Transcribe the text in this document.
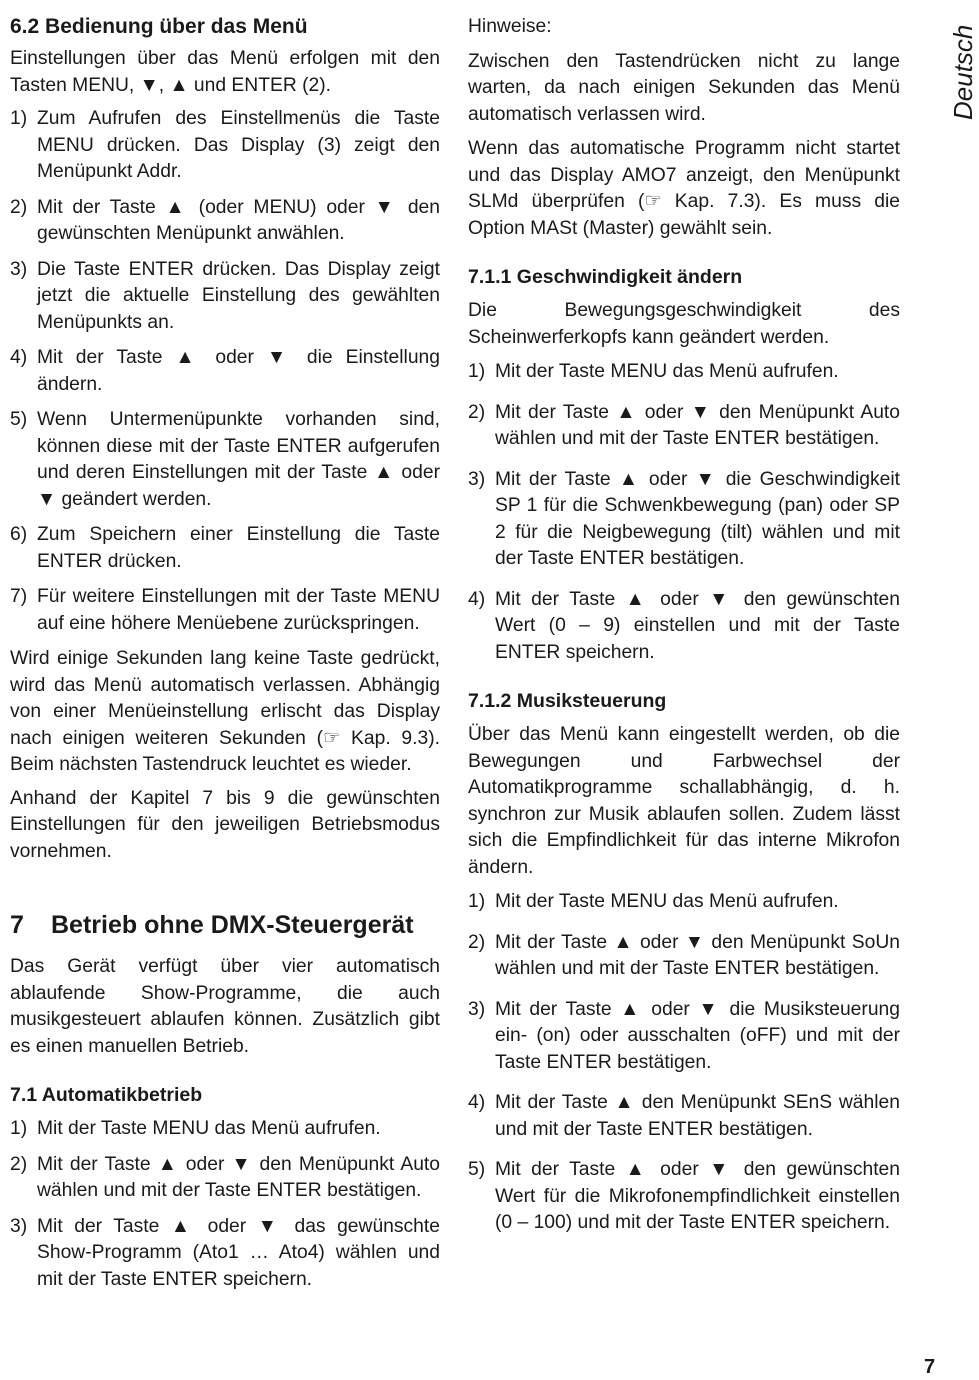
6.2 Bedienung über das Menü

Einstellungen über das Menü erfolgen mit den Tasten MENU, ▼, ▲ und ENTER (2).

1) Zum Aufrufen des Einstellmenüs die Taste MENU drücken. Das Display (3) zeigt den Menüpunkt Addr.
2) Mit der Taste ▲ (oder MENU) oder ▼ den gewünschten Menüpunkt anwählen.
3) Die Taste ENTER drücken. Das Display zeigt jetzt die aktuelle Einstellung des gewählten Menüpunkts an.
4) Mit der Taste ▲ oder ▼ die Einstellung ändern.
5) Wenn Untermenüpunkte vorhanden sind, können diese mit der Taste ENTER aufgerufen und deren Einstellungen mit der Taste ▲ oder ▼ geändert werden.
6) Zum Speichern einer Einstellung die Taste ENTER drücken.
7) Für weitere Einstellungen mit der Taste MENU auf eine höhere Menüebene zurückspringen.

Wird einige Sekunden lang keine Taste gedrückt, wird das Menü automatisch verlassen. Abhängig von einer Menüeinstellung erlischt das Display nach einigen weiteren Sekunden (☞ Kap. 9.3). Beim nächsten Tastendruck leuchtet es wieder.

Anhand der Kapitel 7 bis 9 die gewünschten Einstellungen für den jeweiligen Betriebsmodus vornehmen.

7	Betrieb ohne DMX-Steuergerät

Das Gerät verfügt über vier automatisch ablaufende Show-Programme, die auch musikgesteuert ablaufen können. Zusätzlich gibt es einen manuellen Betrieb.

7.1 Automatikbetrieb
1) Mit der Taste MENU das Menü aufrufen.
2) Mit der Taste ▲ oder ▼ den Menüpunkt Auto wählen und mit der Taste ENTER bestätigen.
3) Mit der Taste ▲ oder ▼ das gewünschte Show-Programm (Ato1 … Ato4) wählen und mit der Taste ENTER speichern.

Hinweise:

Zwischen den Tastendrücken nicht zu lange warten, da nach einigen Sekunden das Menü automatisch verlassen wird.

Wenn das automatische Programm nicht startet und das Display AMO7 anzeigt, den Menüpunkt SLMd überprüfen (☞ Kap. 7.3). Es muss die Option MASt (Master) gewählt sein.

7.1.1 Geschwindigkeit ändern

Die Bewegungsgeschwindigkeit des Scheinwerferkopfs kann geändert werden.

1) Mit der Taste MENU das Menü aufrufen.
2) Mit der Taste ▲ oder ▼ den Menüpunkt Auto wählen und mit der Taste ENTER bestätigen.
3) Mit der Taste ▲ oder ▼ die Geschwindigkeit SP 1 für die Schwenkbewegung (pan) oder SP 2 für die Neigbewegung (tilt) wählen und mit der Taste ENTER bestätigen.
4) Mit der Taste ▲ oder ▼ den gewünschten Wert (0 – 9) einstellen und mit der Taste ENTER speichern.
7.1.2 Musiksteuerung

Über das Menü kann eingestellt werden, ob die Bewegungen und Farbwechsel der Automatikprogramme schallabhängig, d. h. synchron zur Musik ablaufen sollen. Zudem lässt sich die Empfindlichkeit für das interne Mikrofon ändern.

1) Mit der Taste MENU das Menü aufrufen.
2) Mit der Taste ▲ oder ▼ den Menüpunkt SoUn wählen und mit der Taste ENTER bestätigen.
3) Mit der Taste ▲ oder ▼ die Musiksteuerung ein- (on) oder ausschalten (oFF) und mit der Taste ENTER bestätigen.
4) Mit der Taste ▲ den Menüpunkt SEnS wählen und mit der Taste ENTER bestätigen.
5) Mit der Taste ▲ oder ▼ den gewünschten Wert für die Mikrofonempfindlichkeit einstellen (0 – 100) und mit der Taste ENTER speichern.
Deutsch
7
